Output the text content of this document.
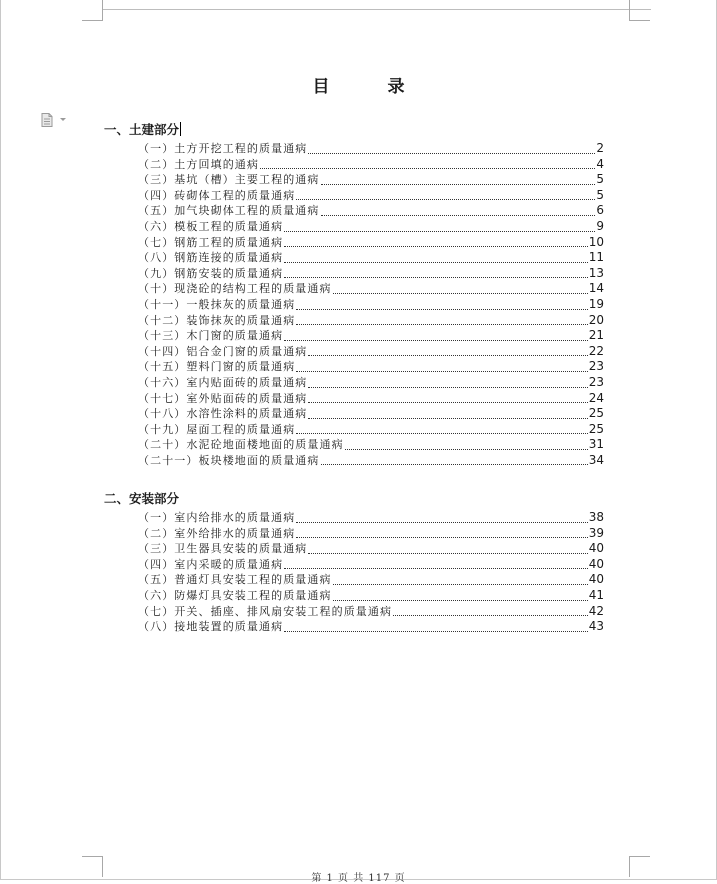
目 录
一、土建部分
（一）土方开挖工程的质量通病	2
（二）土方回填的通病	4
（三）基坑（槽）主要工程的通病	5
（四）砖砌体工程的质量通病	5
（五）加气块砌体工程的质量通病	6
（六）模板工程的质量通病	9
（七）钢筋工程的质量通病	10
（八）钢筋连接的质量通病	11
（九）钢筋安装的质量通病	13
（十）现浇砼的结构工程的质量通病	14
（十一）一般抹灰的质量通病	19
（十二）装饰抹灰的质量通病	20
（十三）木门窗的质量通病	21
（十四）铝合金门窗的质量通病	22
（十五）塑料门窗的质量通病	23
（十六）室内贴面砖的质量通病	23
（十七）室外贴面砖的质量通病	24
（十八）水溶性涂料的质量通病	25
（十九）屋面工程的质量通病	25
（二十）水泥砼地面楼地面的质量通病	31
（二十一）板块楼地面的质量通病	34
二、安装部分
（一）室内给排水的质量通病	38
（二）室外给排水的质量通病	39
（三）卫生器具安装的质量通病	40
（四）室内采暖的质量通病	40
（五）普通灯具安装工程的质量通病	40
（六）防爆灯具安装工程的质量通病	41
（七）开关、插座、排风扇安装工程的质量通病	42
（八）接地装置的质量通病	43
第 1 页 共 117 页
